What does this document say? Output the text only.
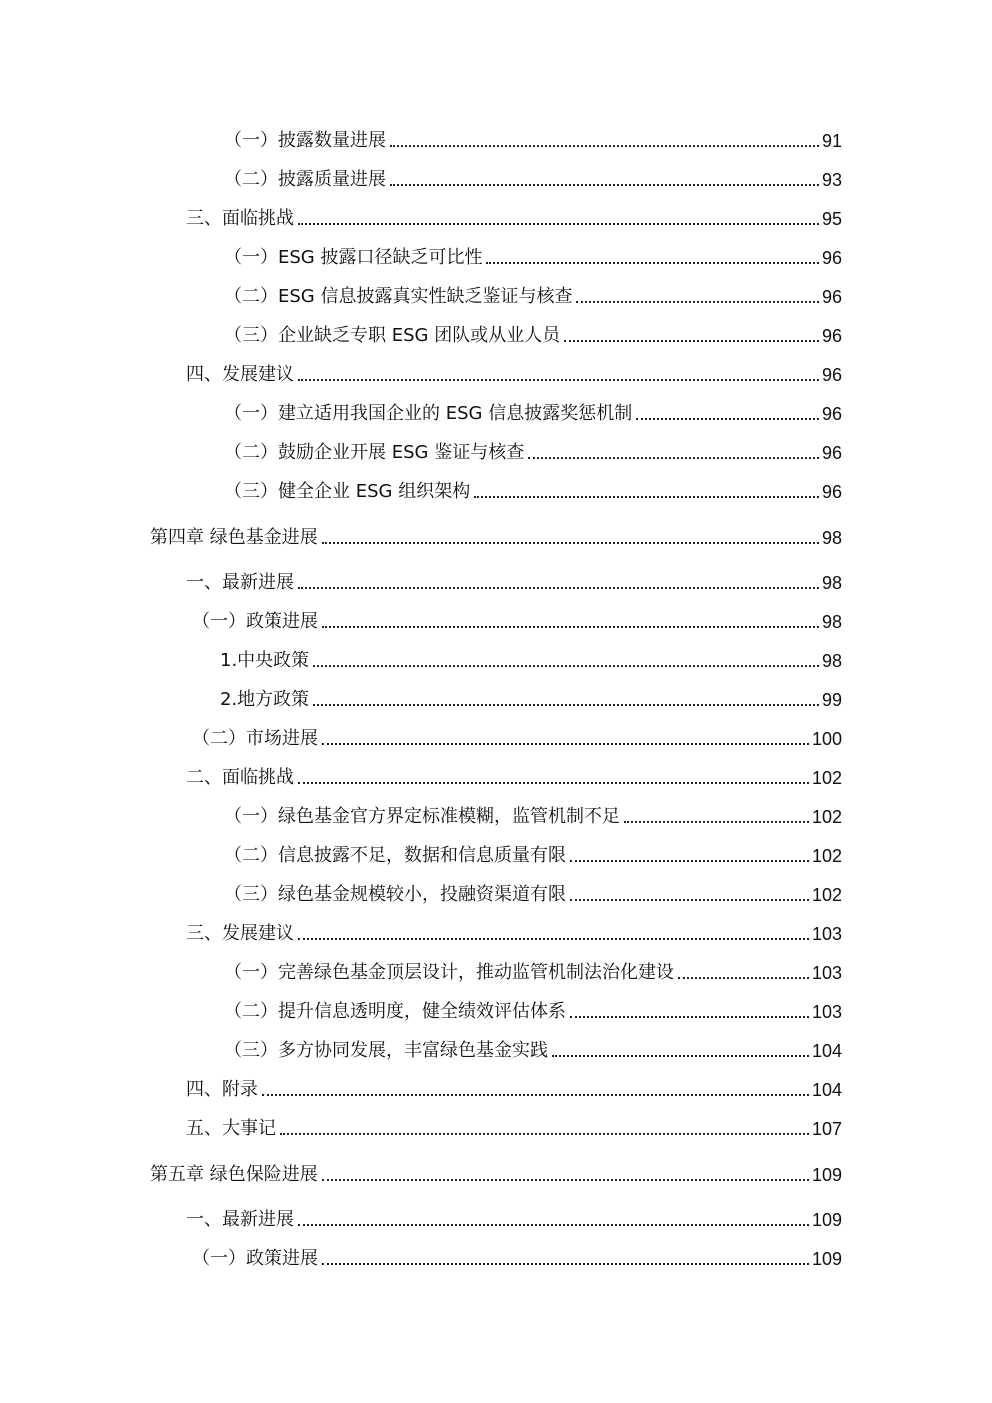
（一）披露数量进展	91
（二）披露质量进展	93
三、面临挑战	95
（一）ESG 披露口径缺乏可比性	96
（二）ESG 信息披露真实性缺乏鉴证与核查	96
（三）企业缺乏专职 ESG 团队或从业人员	96
四、发展建议	96
（一）建立适用我国企业的 ESG 信息披露奖惩机制	96
（二）鼓励企业开展 ESG 鉴证与核查	96
（三）健全企业 ESG 组织架构	96
第四章 绿色基金进展	98
一、最新进展	98
（一）政策进展	98
1.中央政策	98
2.地方政策	99
（二）市场进展	100
二、面临挑战	102
（一）绿色基金官方界定标准模糊，监管机制不足	102
（二）信息披露不足，数据和信息质量有限	102
（三）绿色基金规模较小，投融资渠道有限	102
三、发展建议	103
（一）完善绿色基金顶层设计，推动监管机制法治化建设	103
（二）提升信息透明度，健全绩效评估体系	103
（三）多方协同发展，丰富绿色基金实践	104
四、附录	104
五、大事记	107
第五章 绿色保险进展	109
一、最新进展	109
（一）政策进展	109
